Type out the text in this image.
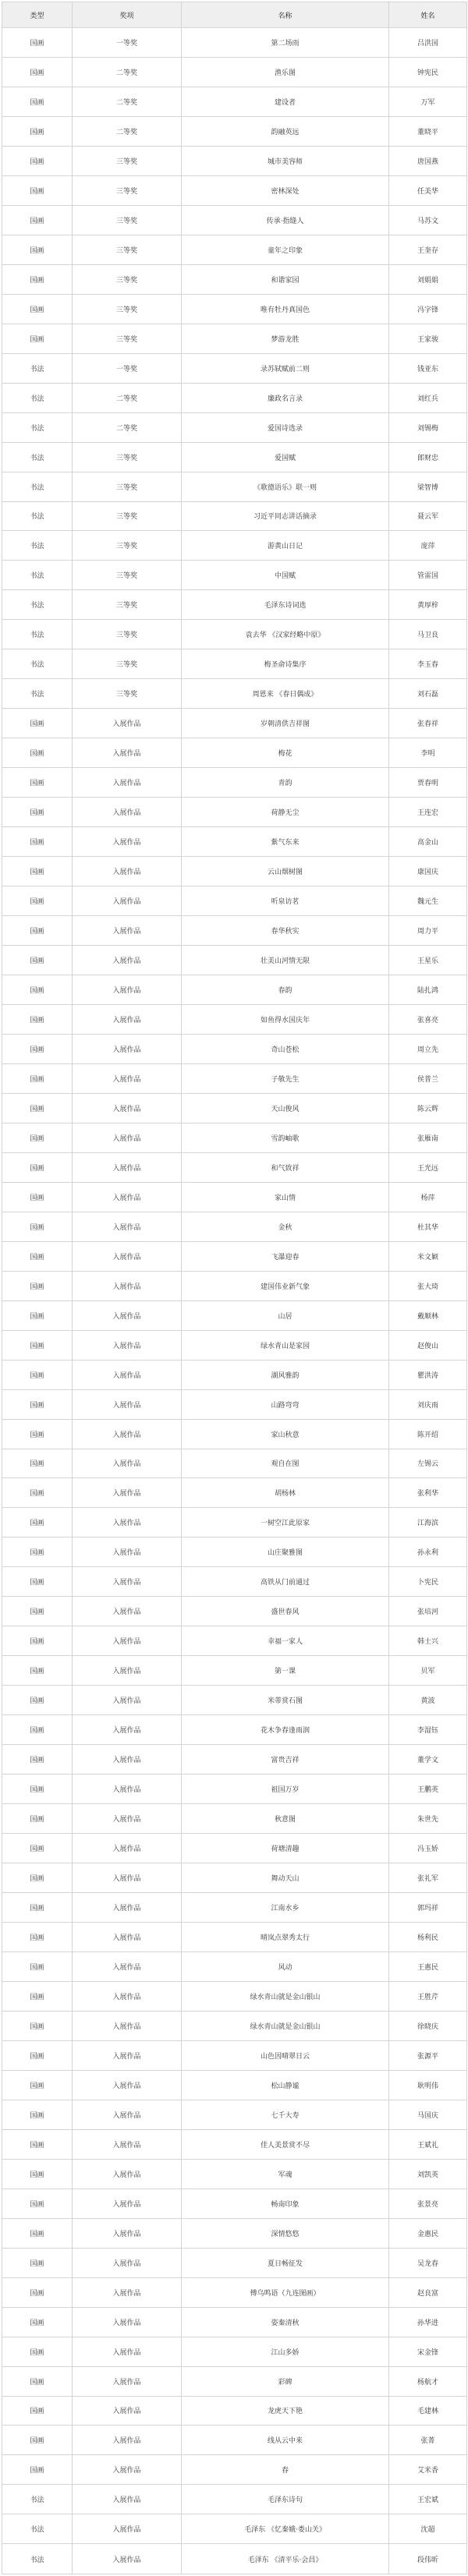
类型	奖项	名称	姓名
国画	一等奖	第二场雨	吕洪国
国画	二等奖	渔乐图	钟宪民
国画	二等奖	建设者	万军
国画	二等奖	韵融英远	董晓平
国画	三等奖	城市美容师	唐国燕
国画	三等奖	密林深处	任美华
国画	三等奖	传承·指缝人	马苏文
国画	三等奖	童年之印象	王奎存
国画	三等奖	和谐家园	刘娟娟
国画	三等奖	唯有牡丹真国色	冯字锋
国画	三等奖	梦游龙胜	王家骏
书法	一等奖	录苏轼赋前二则	钱亚东
书法	二等奖	廉政名言录	刘红兵
书法	二等奖	爱国诗选录	刘锡梅
书法	三等奖	爱国赋	郎财忠
书法	三等奖	《歌德语乐》联一则	梁智博
书法	三等奖	习近平同志讲话摘录	聂云军
书法	三等奖	游黄山日记	庞萍
书法	三等奖	中国赋	管雷国
书法	三等奖	毛泽东诗词选	黄厚梓
书法	三等奖	袁去华 《汉家经略中原》	马卫良
书法	三等奖	梅圣俞诗集序	李玉春
书法	三等奖	周恩来 《春日偶成》	刘石磊
国画	入展作品	岁朝清供吉祥图	张春祥
国画	入展作品	梅花	李明
国画	入展作品	青韵	贾春明
国画	入展作品	荷静无尘	王连宏
国画	入展作品	紫气东来	高金山
国画	入展作品	云山烟树图	康国庆
国画	入展作品	听泉访茗	魏元生
国画	入展作品	春华秋实	周力平
国画	入展作品	壮美山河情无限	王星乐
国画	入展作品	春韵	陆扎鸿
国画	入展作品	如鱼得水国庆年	张喜亮
国画	入展作品	奇山苍松	周立先
国画	入展作品	子敬先生	侯普兰
国画	入展作品	天山俊风	陈云辉
国画	入展作品	雪韵岫歌	张雁南
国画	入展作品	和气致祥	王光远
国画	入展作品	家山情	杨萍
国画	入展作品	金秋	杜其华
国画	入展作品	飞瀑迎春	米文颖
国画	入展作品	建国伟业新气象	张大琦
国画	入展作品	山居	戴顺林
国画	入展作品	绿水青山是家园	赵俊山
国画	入展作品	湖风雅韵	瞿洪涛
国画	入展作品	山路弯弯	刘庆雨
国画	入展作品	家山秋意	陈开绍
国画	入展作品	观自在图	左锡云
国画	入展作品	胡杨林	张利华
国画	入展作品	一树空江此原家	江海滨
国画	入展作品	山庄聚雅图	孙永利
国画	入展作品	高铁从门前通过	卜宪民
国画	入展作品	盛世春风	张培河
国画	入展作品	幸福一家人	韩士兴
国画	入展作品	第一课	贝军
国画	入展作品	米蒂赏石图	黄波
国画	入展作品	花木争春逢雨润	李湿钰
国画	入展作品	富贵吉祥	董学文
国画	入展作品	祖国万岁	王鹏英
国画	入展作品	秋意图	朱世先
国画	入展作品	荷塘清趣	冯玉娇
国画	入展作品	舞动天山	张礼军
国画	入展作品	江南水乡	郭玛祥
国画	入展作品	晴岚点翠秀太行	杨利民
国画	入展作品	风动	王惠民
国画	入展作品	绿水青山就是金山银山	王胜芹
国画	入展作品	绿水青山就是金山银山	徐晓庆
国画	入展作品	山色因晴翠日云	张源平
国画	入展作品	松山静谧	耿明伟
国画	入展作品	七千大寿	马国庆
国画	入展作品	佳人美景赏不尽	王斌礼
国画	入展作品	军魂	刘凯英
国画	入展作品	畅南印象	张景亮
国画	入展作品	深情悠悠	金惠民
国画	入展作品	夏日畅征发	吴龙春
国画	入展作品	傅乌鸣语（九连图画）	赵良富
国画	入展作品	姿秦清秋	孙华进
国画	入展作品	江山多娇	宋金锋
国画	入展作品	彩碑	杨航才
国画	入展作品	龙虎天下艳	毛建林
国画	入展作品	线从云中来	张菁
国画	入展作品	春	艾米香
书法	入展作品	毛泽东诗句	王宏斌
书法	入展作品	毛泽东 《忆秦娥·娄山关》	沈超
书法	入展作品	毛泽东 《清平乐·会昌》	段伟昕
